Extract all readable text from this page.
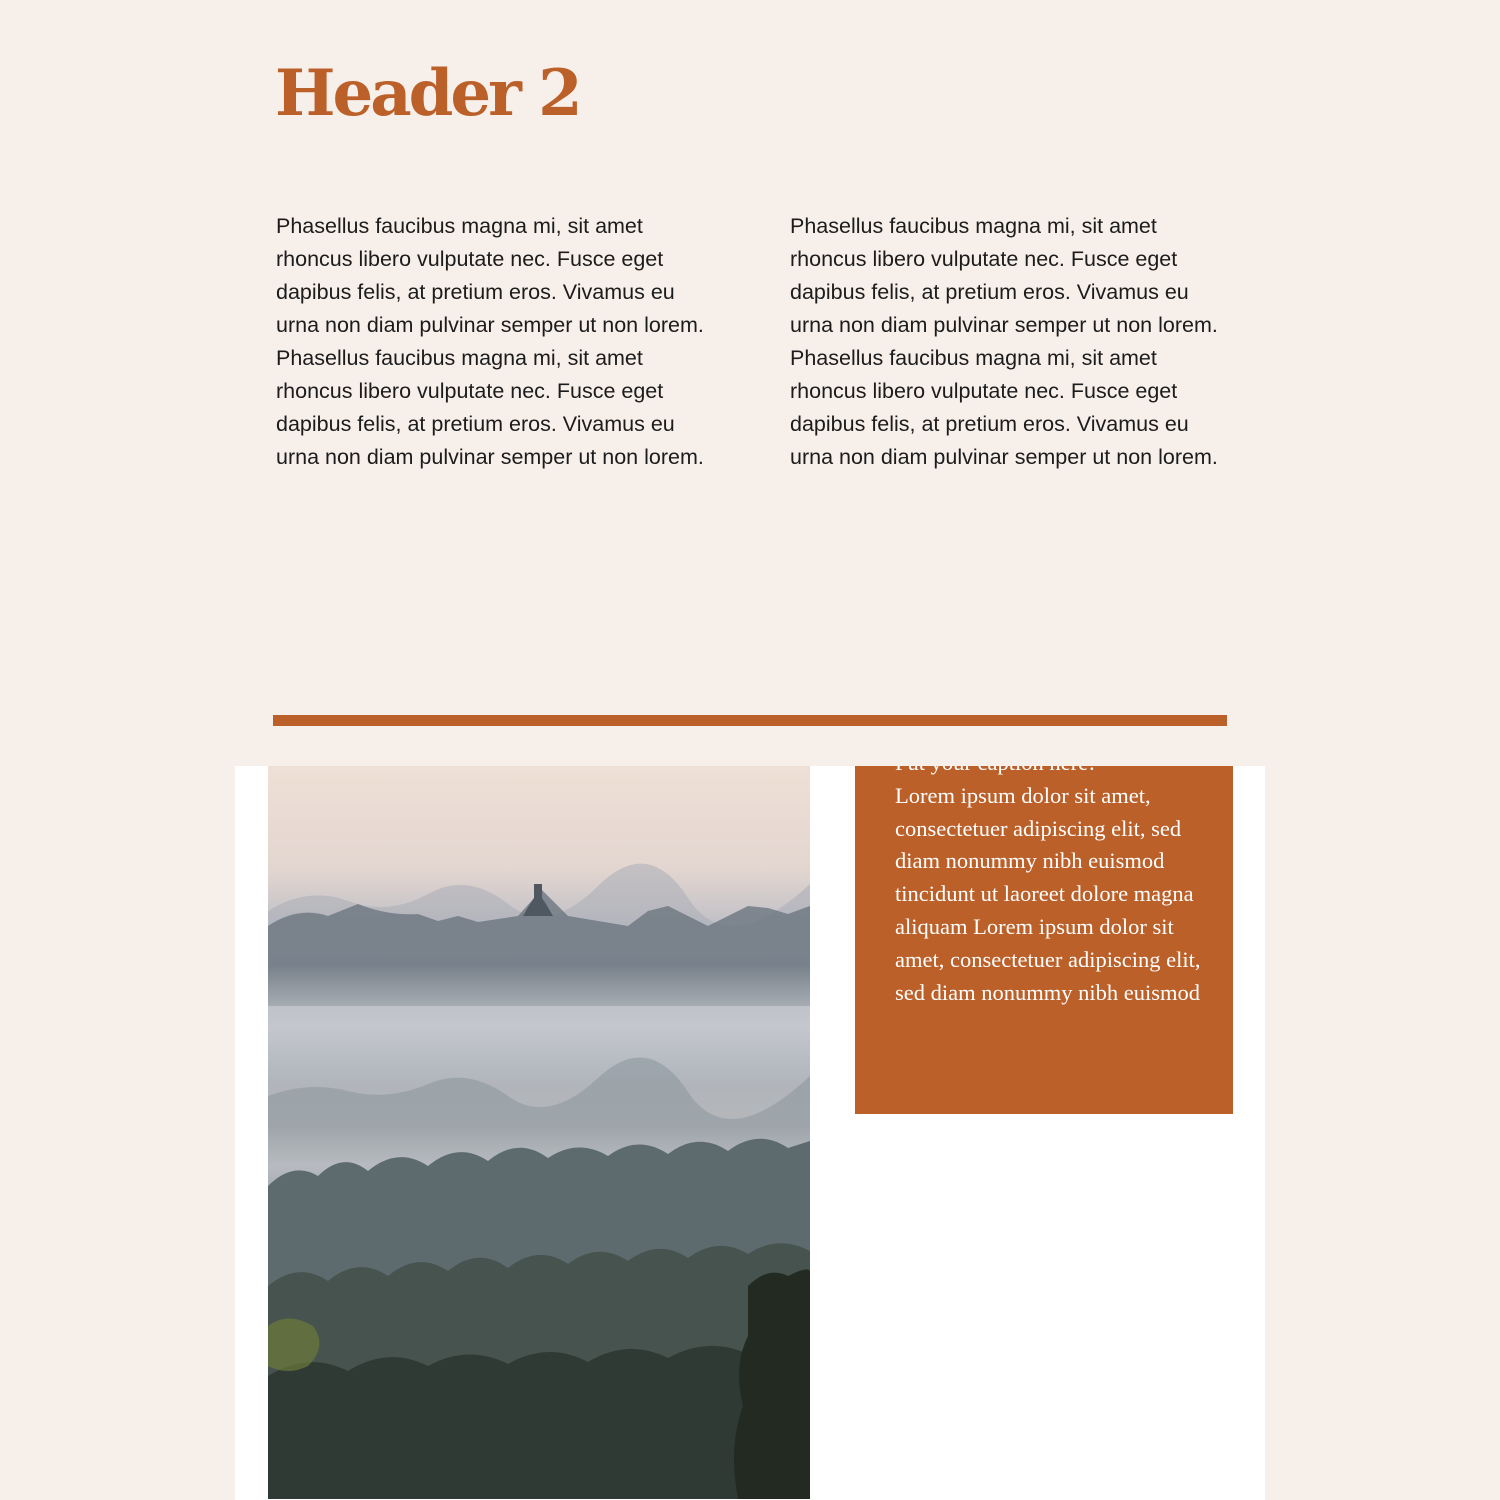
Header 2

Phasellus faucibus magna mi, sit amet rhoncus libero vulputate nec. Fusce eget dapibus felis, at pretium eros. Vivamus eu urna non diam pulvinar semper ut non lorem.

Phasellus faucibus magna mi, sit amet rhoncus libero vulputate nec. Fusce eget dapibus felis, at pretium eros. Vivamus eu urna non diam pulvinar semper ut non lorem.

Phasellus faucibus magna mi, sit amet rhoncus libero vulputate nec. Fusce eget dapibus felis, at pretium eros. Vivamus eu urna non diam pulvinar semper ut non lorem.

Phasellus faucibus magna mi, sit amet rhoncus libero vulputate nec. Fusce eget dapibus felis, at pretium eros. Vivamus eu urna non diam pulvinar semper ut non lorem.

Lorem ipsum dolor sit amet, consectetuer adipiscing elit, sed diam nonummy nibh euismod tincidunt ut laoreet dolore magna aliquam Lorem ipsum dolor sit amet, consectetuer adipiscing elit, sed diam nonummy nibh euismod
